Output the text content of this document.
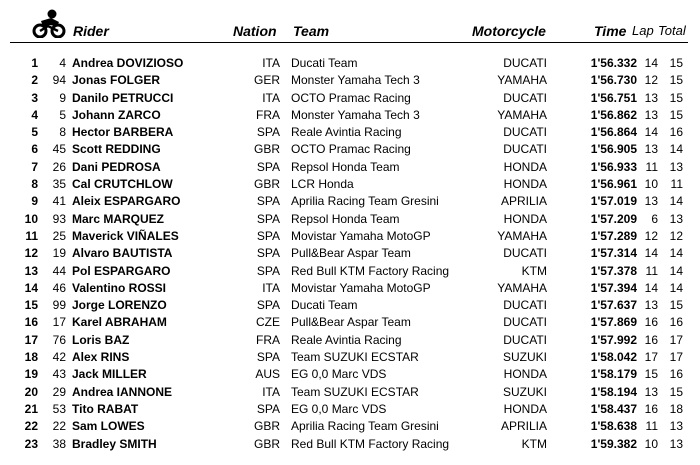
Rider	Nation Team	Motorcycle	Time Lap Total
1	4 Andrea DOVIZIOSO	ITA Ducati Team	DUCATI	1'56.332 14 15
2	94 Jonas FOLGER	GER Monster Yamaha Tech 3	YAMAHA	1'56.730 12 15
3	9 Danilo PETRUCCI	ITA OCTO Pramac Racing	DUCATI	1'56.751 13 15
4	5 Johann ZARCO	FRA Monster Yamaha Tech 3	YAMAHA	1'56.862 13 15
5	8 Hector BARBERA	SPA Reale Avintia Racing	DUCATI	1'56.864 14 16
6	45 Scott REDDING	GBR OCTO Pramac Racing	DUCATI	1'56.905 13 14
7	26 Dani PEDROSA	SPA Repsol Honda Team	HONDA	1'56.933 11 13
8	35 Cal CRUTCHLOW	GBR LCR Honda	HONDA	1'56.961 10	11
9	41 Aleix ESPARGARO	SPA Aprilia Racing Team Gresini	APRILIA	1'57.019 13 14
10	93 Marc MARQUEZ	SPA Repsol Honda Team	HONDA	1'57.209	6 13
11	25 Maverick VIÑALES	SPA Movistar Yamaha MotoGP	YAMAHA	1'57.289 12 12
12	19 Alvaro BAUTISTA	SPA Pull&Bear Aspar Team	DUCATI	1'57.314 14 14
13	44 Pol ESPARGARO	SPA Red Bull KTM Factory Racing	KTM	1'57.378 11 14
14	46 Valentino ROSSI	ITA Movistar Yamaha MotoGP	YAMAHA	1'57.394 14 14
15	99 Jorge LORENZO	SPA Ducati Team	DUCATI	1'57.637 13 15
16	17 Karel ABRAHAM	CZE Pull&Bear Aspar Team	DUCATI	1'57.869 16 16
17	76 Loris BAZ	FRA Reale Avintia Racing	DUCATI	1'57.992 16 17
18	42 Alex RINS	SPA Team SUZUKI ECSTAR	SUZUKI	1'58.042 17 17
19	43 Jack MILLER	AUS EG 0,0 Marc VDS	HONDA	1'58.179 15 16
20	29 Andrea IANNONE	ITA Team SUZUKI ECSTAR	SUZUKI	1'58.194 13 15
21	53 Tito RABAT	SPA EG 0,0 Marc VDS	HONDA	1'58.437 16 18
22	22 Sam LOWES	GBR Aprilia Racing Team Gresini	APRILIA	1'58.638 11 13
23	38 Bradley SMITH	GBR Red Bull KTM Factory Racing	KTM	1'59.382 10 13
